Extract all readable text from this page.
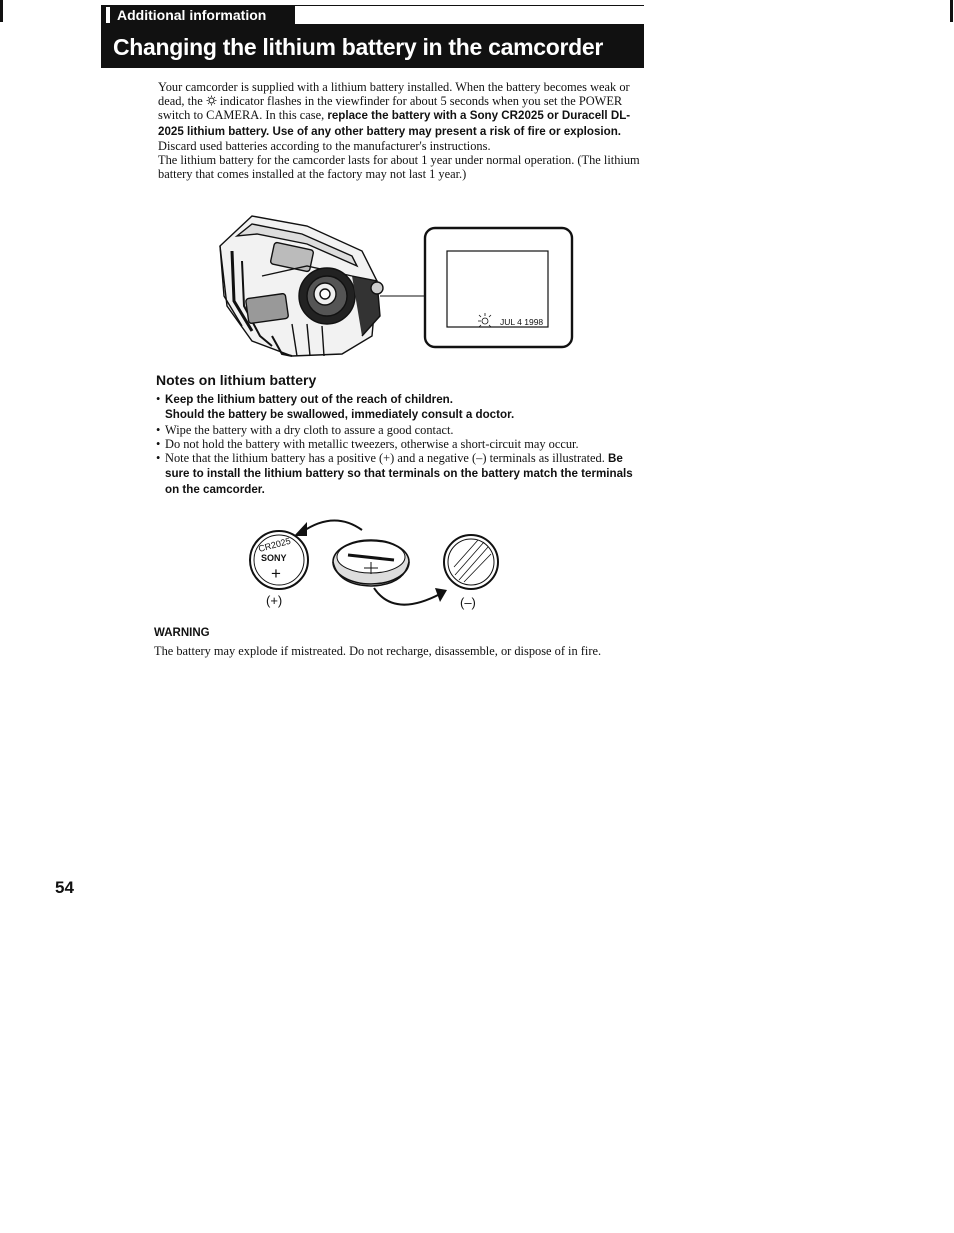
Additional information
Changing the lithium battery in the camcorder

Your camcorder is supplied with a lithium battery installed. When the battery becomes weak or dead, the  indicator flashes in the viewfinder for about 5 seconds when you set the POWER switch to CAMERA. In this case, replace the battery with a Sony CR2025 or Duracell DL-2025 lithium battery. Use of any other battery may present a risk of fire or explosion. Discard used batteries according to the manufacturer's instructions.

The lithium battery for the camcorder lasts for about 1 year under normal operation. (The lithium battery that comes installed at the factory may not last 1 year.)

JUL 4 1998
Notes on lithium battery
• Keep the lithium battery out of the reach of children.
Should the battery be swallowed, immediately consult a doctor.
• Wipe the battery with a dry cloth to assure a good contact.
• Do not hold the battery with metallic tweezers, otherwise a short-circuit may occur.
• Note that the lithium battery has a positive (+) and a negative (–) terminals as illustrated. Be sure to install the lithium battery so that terminals on the battery match the terminals on the camcorder.
CR2025
SONY
+
(+)	(–)
WARNING
The battery may explode if mistreated. Do not recharge, disassemble, or dispose of in fire.
54
